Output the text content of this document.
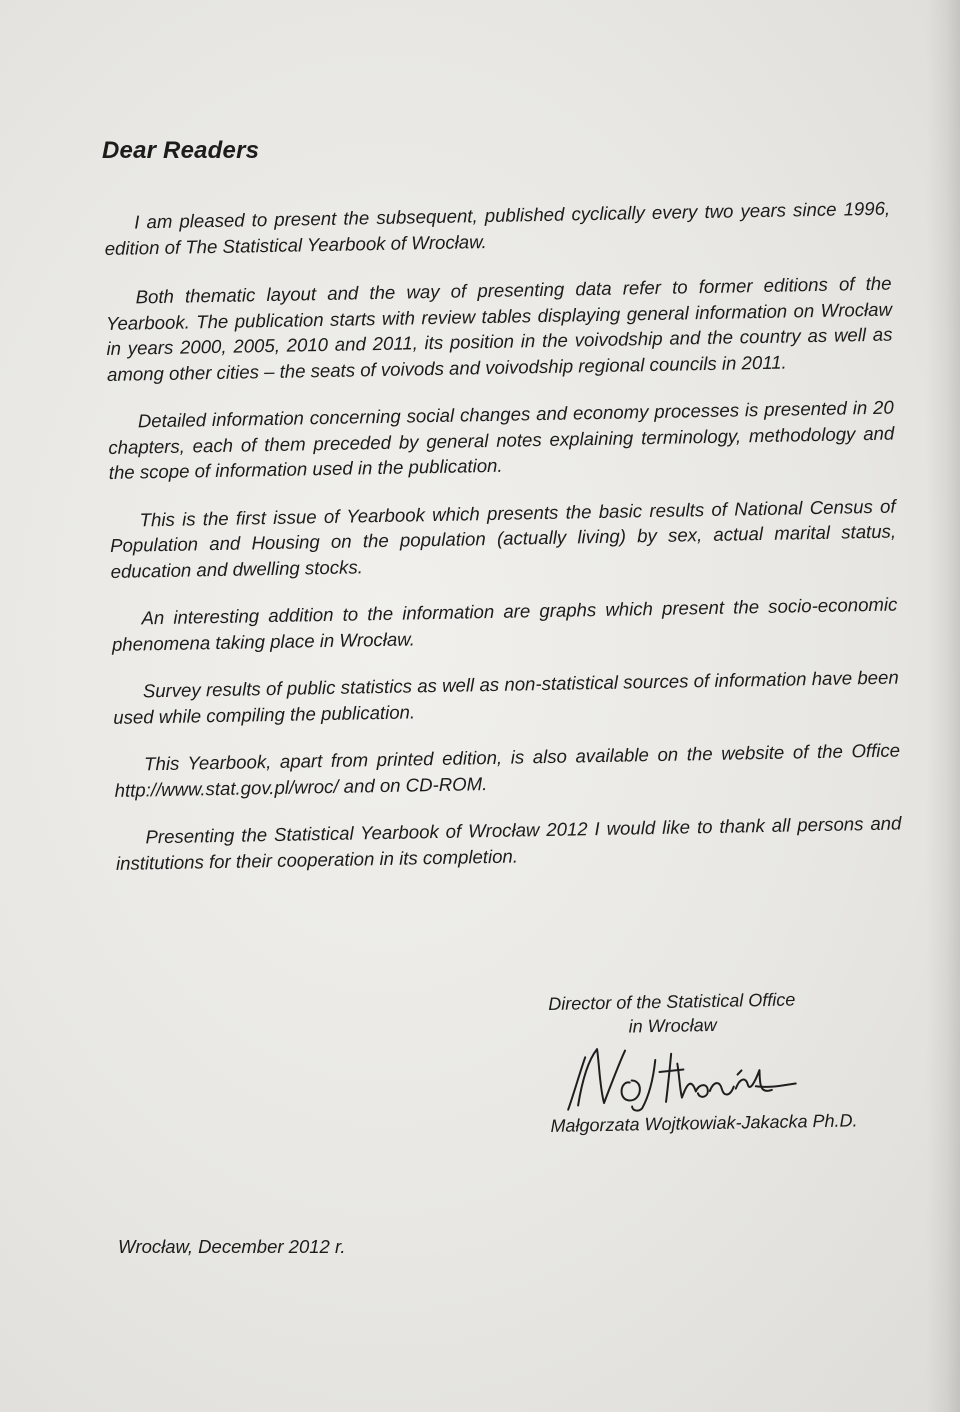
Dear Readers

I am pleased to present the subsequent, published cyclically every two years since 1996, edition of The Statistical Yearbook of Wrocław.

Both thematic layout and the way of presenting data refer to former editions of the Yearbook. The publication starts with review tables displaying general information on Wrocław in years 2000, 2005, 2010 and 2011, its position in the voivodship and the country as well as among other cities – the seats of voivods and voivodship regional councils in 2011.

Detailed information concerning social changes and economy processes is presented in 20 chapters, each of them preceded by general notes explaining terminology, methodology and the scope of information used in the publication.

This is the first issue of Yearbook which presents the basic results of National Census of Population and Housing on the population (actually living) by sex, actual marital status, education and dwelling stocks.

An interesting addition to the information are graphs which present the socio-economic phenomena taking place in Wrocław.

Survey results of public statistics as well as non-statistical sources of information have been used while compiling the publication.

This Yearbook, apart from printed edition, is also available on the website of the Office http://www.stat.gov.pl/wroc/ and on CD-ROM.

Presenting the Statistical Yearbook of Wrocław 2012 I would like to thank all persons and institutions for their cooperation in its completion.

Director of the Statistical Office

in Wrocław

Małgorzata Wojtkowiak-Jakacka Ph.D.

Wrocław, December 2012 r.
